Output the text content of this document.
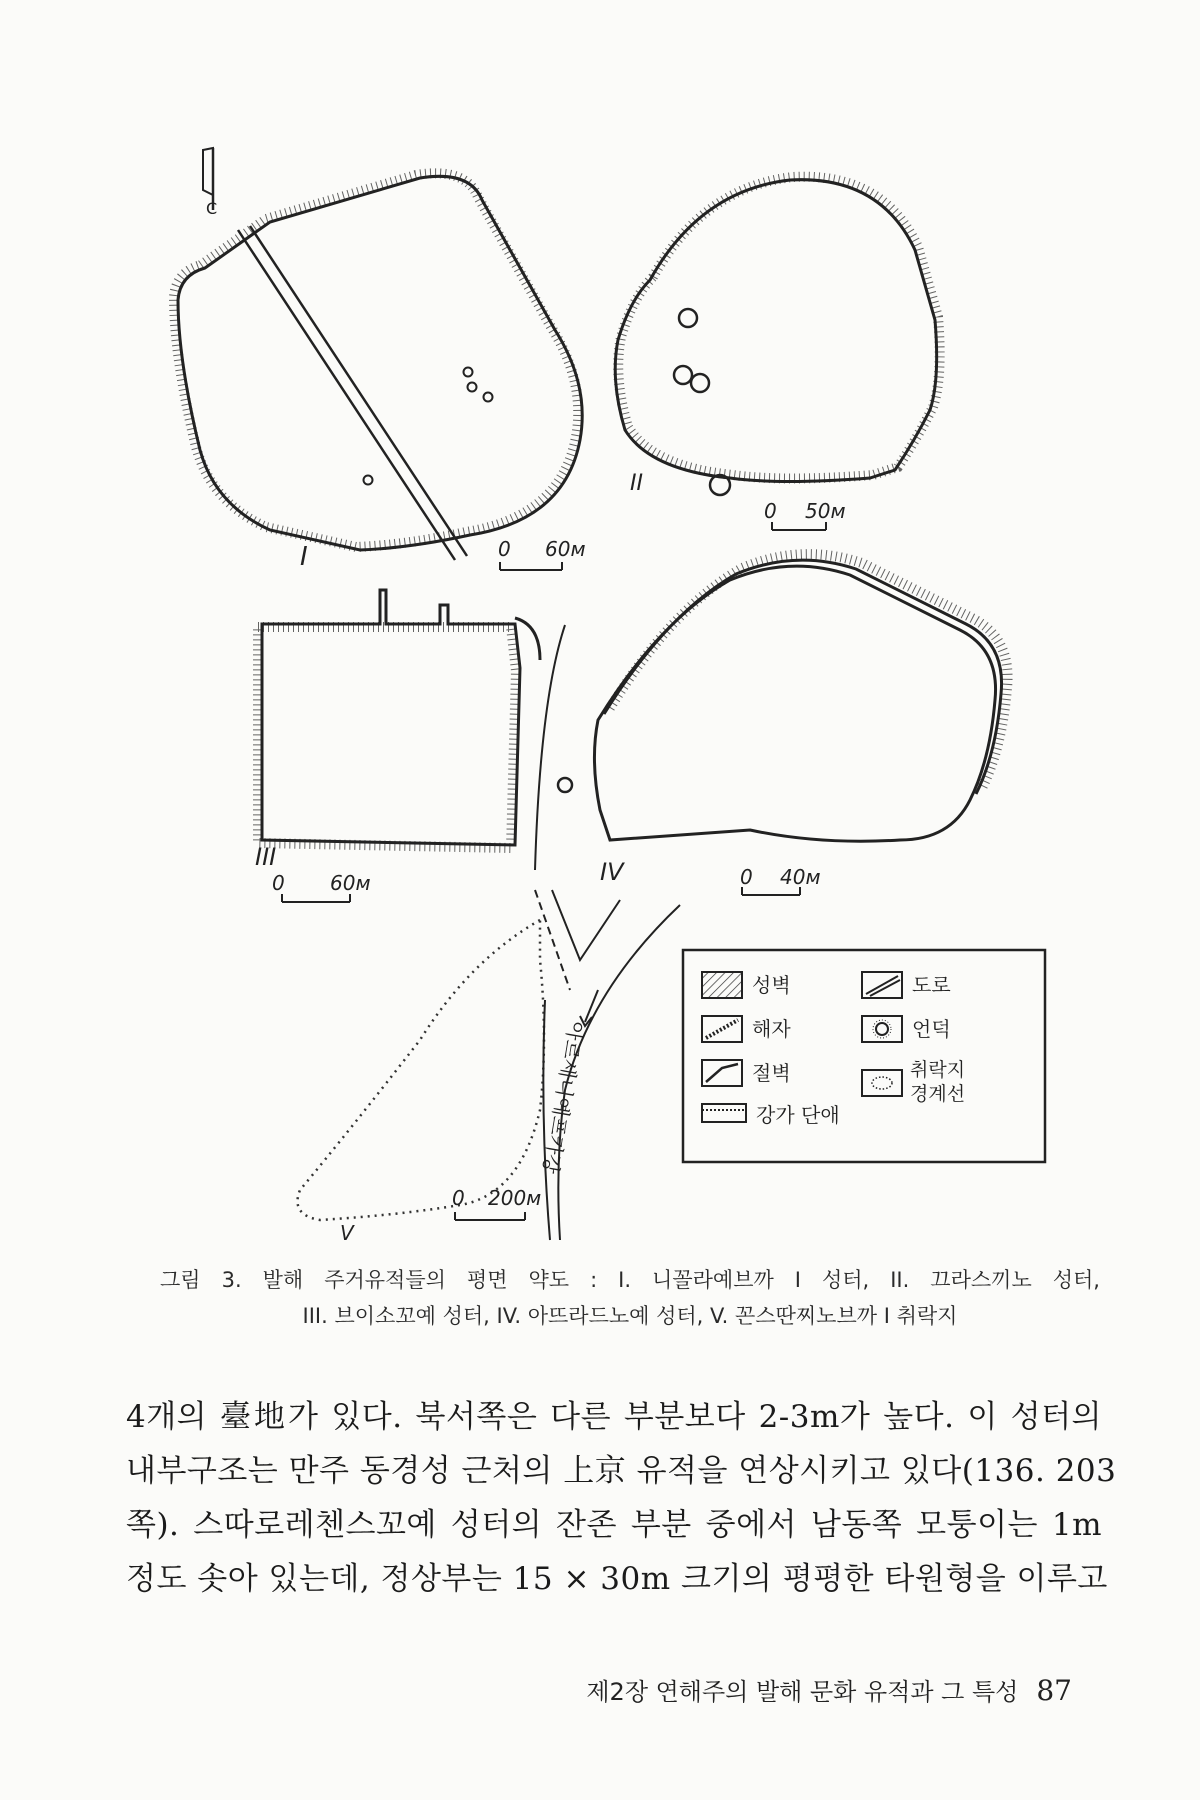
С
I	0 60м
II
0 50м
III
0 60м	IV	0 40м
아르세니예프카강
V
0 200м
성벽
해자
절벽
강가 단애
도로
언덕
취락지 경계선
그림 3. 발해 주거유적들의 평면 약도 : I. 니꼴라예브까 I 성터, II. 끄라스끼노 성터,
III. 브이소꼬예 성터, IV. 아뜨라드노예 성터, V. 꼰스딴찌노브까 I 취락지
4개의 臺地가 있다. 북서쪽은 다른 부분보다 2-3m가 높다. 이 성터의
내부구조는 만주 동경성 근처의 上京 유적을 연상시키고 있다(136. 203
쪽). 스따로레첸스꼬예 성터의 잔존 부분 중에서 남동쪽 모퉁이는 1m
정도 솟아 있는데, 정상부는 15 × 30m 크기의 평평한 타원형을 이루고
제2장 연해주의 발해 문화 유적과 그 특성 87
